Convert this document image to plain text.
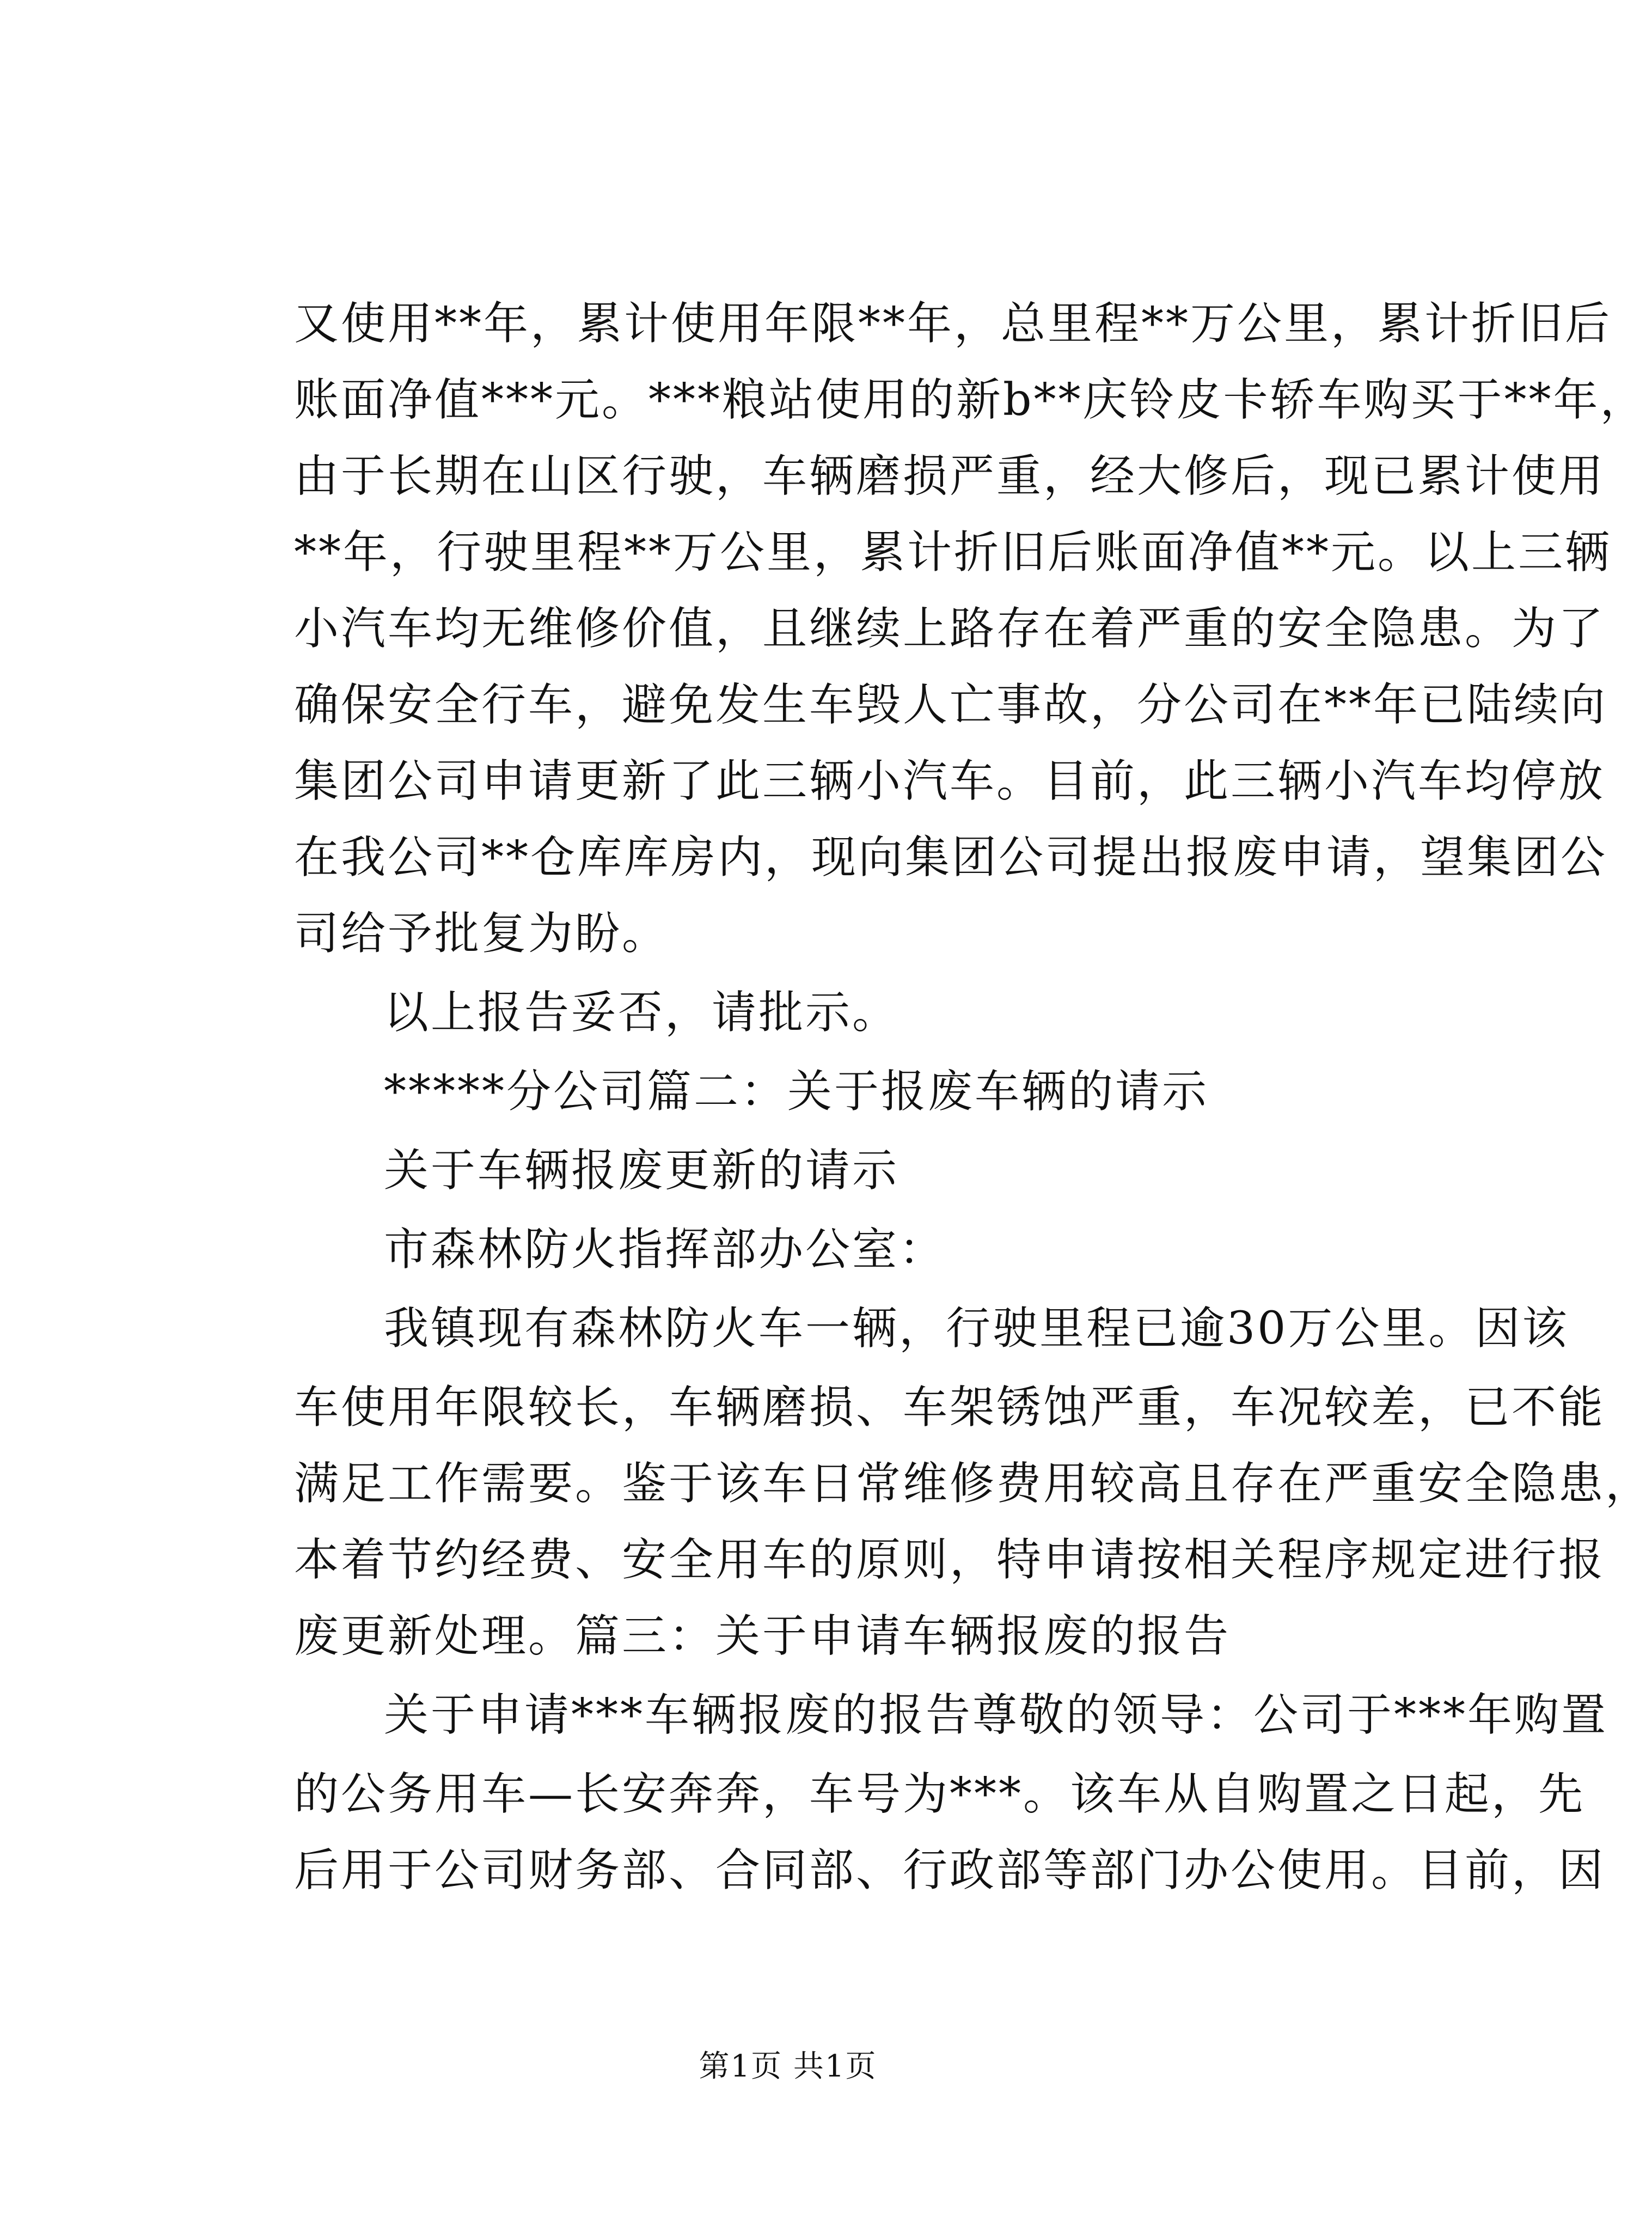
又使用**年，累计使用年限**年，总里程**万公里，累计折旧后
账面净值***元。***粮站使用的新b**庆铃皮卡轿车购买于**年，
由于长期在山区行驶，车辆磨损严重，经大修后，现已累计使用
**年，行驶里程**万公里，累计折旧后账面净值**元。以上三辆
小汽车均无维修价值，且继续上路存在着严重的安全隐患。为了
确保安全行车，避免发生车毁人亡事故，分公司在**年已陆续向
集团公司申请更新了此三辆小汽车。目前，此三辆小汽车均停放
在我公司**仓库库房内，现向集团公司提出报废申请，望集团公
司给予批复为盼。
以上报告妥否，请批示。
*****分公司篇二：关于报废车辆的请示
关于车辆报废更新的请示
市森林防火指挥部办公室：
我镇现有森林防火车一辆，行驶里程已逾30万公里。因该
车使用年限较长，车辆磨损、车架锈蚀严重，车况较差，已不能
满足工作需要。鉴于该车日常维修费用较高且存在严重安全隐患，
本着节约经费、安全用车的原则，特申请按相关程序规定进行报
废更新处理。篇三：关于申请车辆报废的报告
关于申请***车辆报废的报告尊敬的领导：公司于***年购置
的公务用车—长安奔奔，车号为***。该车从自购置之日起，先
后用于公司财务部、合同部、行政部等部门办公使用。目前，因
第1页 共1页
